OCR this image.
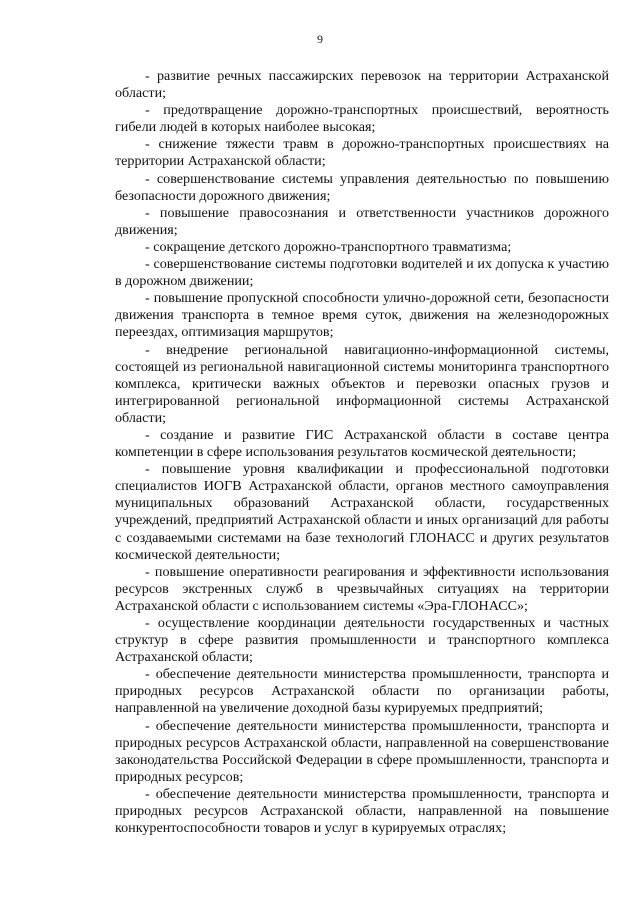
9

- развитие речных пассажирских перевозок на территории Астраханской области;

- предотвращение дорожно-транспортных происшествий, вероятность гибели людей в которых наиболее высокая;

- снижение тяжести травм в дорожно-транспортных происшествиях на территории Астраханской области;

- совершенствование системы управления деятельностью по повышению безопасности дорожного движения;

- повышение правосознания и ответственности участников дорожного движения;

- сокращение детского дорожно-транспортного травматизма;

- совершенствование системы подготовки водителей и их допуска к участию в дорожном движении;

- повышение пропускной способности улично-дорожной сети, безопасности движения транспорта в темное время суток, движения на железнодорожных переездах, оптимизация маршрутов;

- внедрение региональной навигационно-информационной системы, состоящей из региональной навигационной системы мониторинга транспортного комплекса, критически важных объектов и перевозки опасных грузов и интегрированной региональной информационной системы Астраханской области;

- создание и развитие ГИС Астраханской области в составе центра компетенции в сфере использования результатов космической деятельности;

- повышение уровня квалификации и профессиональной подготовки специалистов ИОГВ Астраханской области, органов местного самоуправления муниципальных образований Астраханской области, государственных учреждений, предприятий Астраханской области и иных организаций для работы с создаваемыми системами на базе технологий ГЛОНАСС и других результатов космической деятельности;

- повышение оперативности реагирования и эффективности использования ресурсов экстренных служб в чрезвычайных ситуациях на территории Астраханской области с использованием системы «Эра-ГЛОНАСС»;

- осуществление координации деятельности государственных и частных структур в сфере развития промышленности и транспортного комплекса Астраханской области;

- обеспечение деятельности министерства промышленности, транспорта и природных ресурсов Астраханской области по организации работы, направленной на увеличение доходной базы курируемых предприятий;

- обеспечение деятельности министерства промышленности, транспорта и природных ресурсов Астраханской области, направленной на совершенствование законодательства Российской Федерации в сфере промышленности, транспорта и природных ресурсов;

- обеспечение деятельности министерства промышленности, транспорта и природных ресурсов Астраханской области, направленной на повышение конкурентоспособности товаров и услуг в курируемых отраслях;
